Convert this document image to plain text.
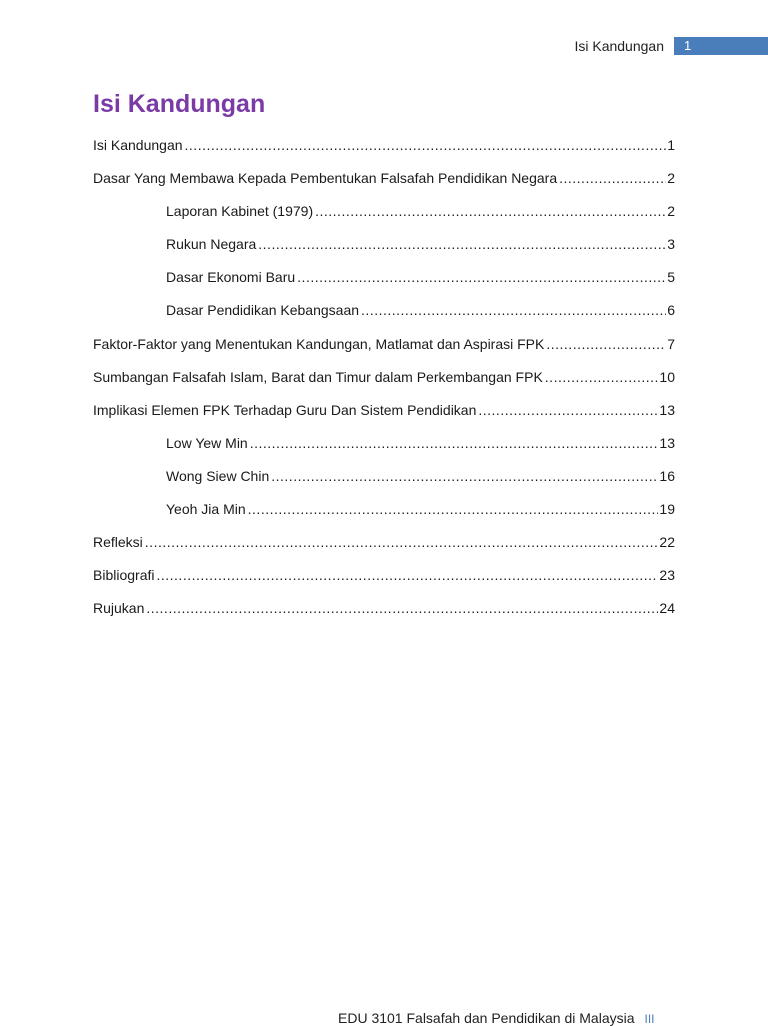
Isi Kandungan	1
Isi Kandungan
Isi Kandungan .....	1
Dasar Yang Membawa Kepada Pembentukan Falsafah Pendidikan Negara .....	2
Laporan Kabinet (1979) .....	2
Rukun Negara .....	3
Dasar Ekonomi Baru .....	5
Dasar Pendidikan Kebangsaan .....	6
Faktor-Faktor yang Menentukan Kandungan, Matlamat dan Aspirasi FPK .....	7
Sumbangan Falsafah Islam, Barat dan Timur dalam Perkembangan FPK .....	10
Implikasi Elemen FPK Terhadap Guru Dan Sistem Pendidikan .....	13
Low Yew Min .....	13
Wong Siew Chin .....	16
Yeoh Jia Min .....	19
Refleksi .....	22
Bibliografi .....	23
Rujukan .....	24
EDU 3101 Falsafah dan Pendidikan di Malaysia III
